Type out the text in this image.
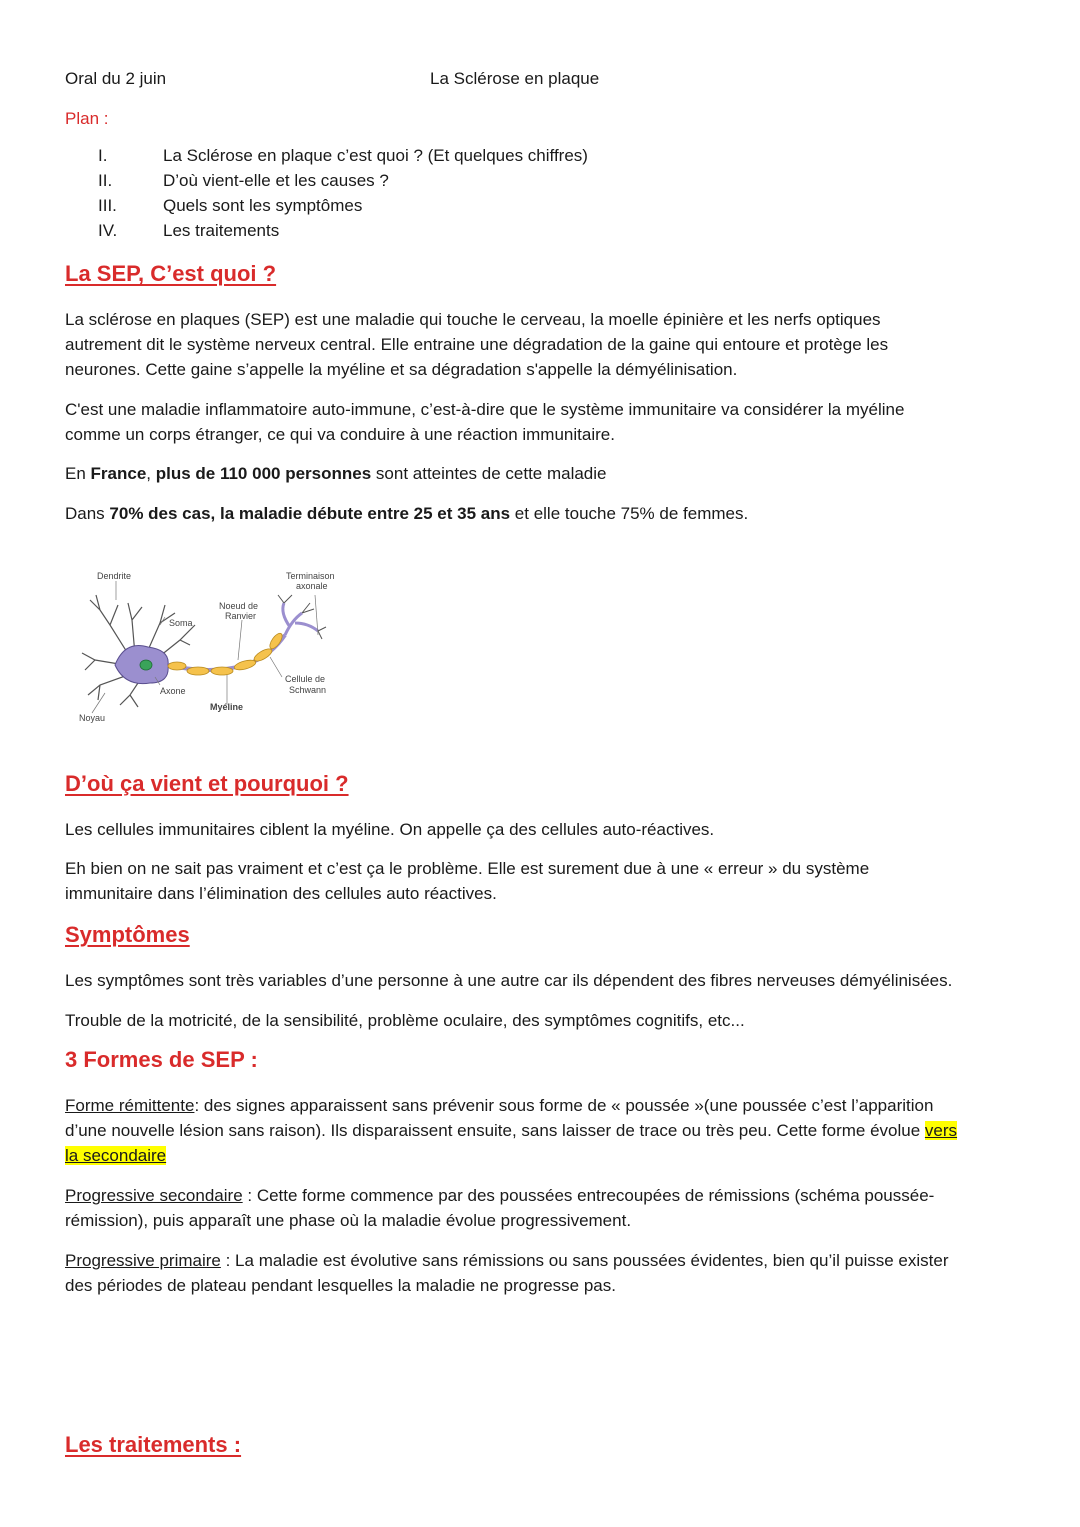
Oral du 2 juin	La Sclérose en plaque
Plan :
I.	La Sclérose en plaque c’est quoi ? (Et quelques chiffres)
II.	D’où vient-elle et les causes ?
III.	Quels sont les symptômes
IV.	Les traitements
La SEP, C’est quoi ?
La sclérose en plaques (SEP) est une maladie qui touche le cerveau, la moelle épinière et les nerfs optiques
autrement dit le système nerveux central. Elle entraine une dégradation de la gaine qui entoure et protège les
neurones. Cette gaine s’appelle la myéline et sa dégradation s'appelle la démyélinisation.
C'est une maladie inflammatoire auto-immune, c’est-à-dire que le système immunitaire va considérer la myéline
comme un corps étranger, ce qui va conduire à une réaction immunitaire.
En France, plus de 110 000 personnes sont atteintes de cette maladie
Dans 70% des cas, la maladie débute entre 25 et 35 ans et elle touche 75% de femmes.
Dendrite	Terminaison
axonale
Noeud de
Ranvier
Soma
Cellule de
Schwann
Axone
Myéline
Noyau
D’où ça vient et pourquoi ?
Les cellules immunitaires ciblent la myéline. On appelle ça des cellules auto-réactives.
Eh bien on ne sait pas vraiment et c’est ça le problème. Elle est surement due à une « erreur » du système
immunitaire dans l’élimination des cellules auto réactives.
Symptômes
Les symptômes sont très variables d’une personne à une autre car ils dépendent des fibres nerveuses démyélinisées.
Trouble de la motricité, de la sensibilité, problème oculaire, des symptômes cognitifs, etc...
3 Formes de SEP :
Forme rémittente: des signes apparaissent sans prévenir sous forme de « poussée »(une poussée c’est l’apparition
d’une nouvelle lésion sans raison). Ils disparaissent ensuite, sans laisser de trace ou très peu. Cette forme évolue vers
la secondaire
Progressive secondaire : Cette forme commence par des poussées entrecoupées de rémissions (schéma poussée-
rémission), puis apparaît une phase où la maladie évolue progressivement.
Progressive primaire : La maladie est évolutive sans rémissions ou sans poussées évidentes, bien qu’il puisse exister
des périodes de plateau pendant lesquelles la maladie ne progresse pas.
Les traitements :
